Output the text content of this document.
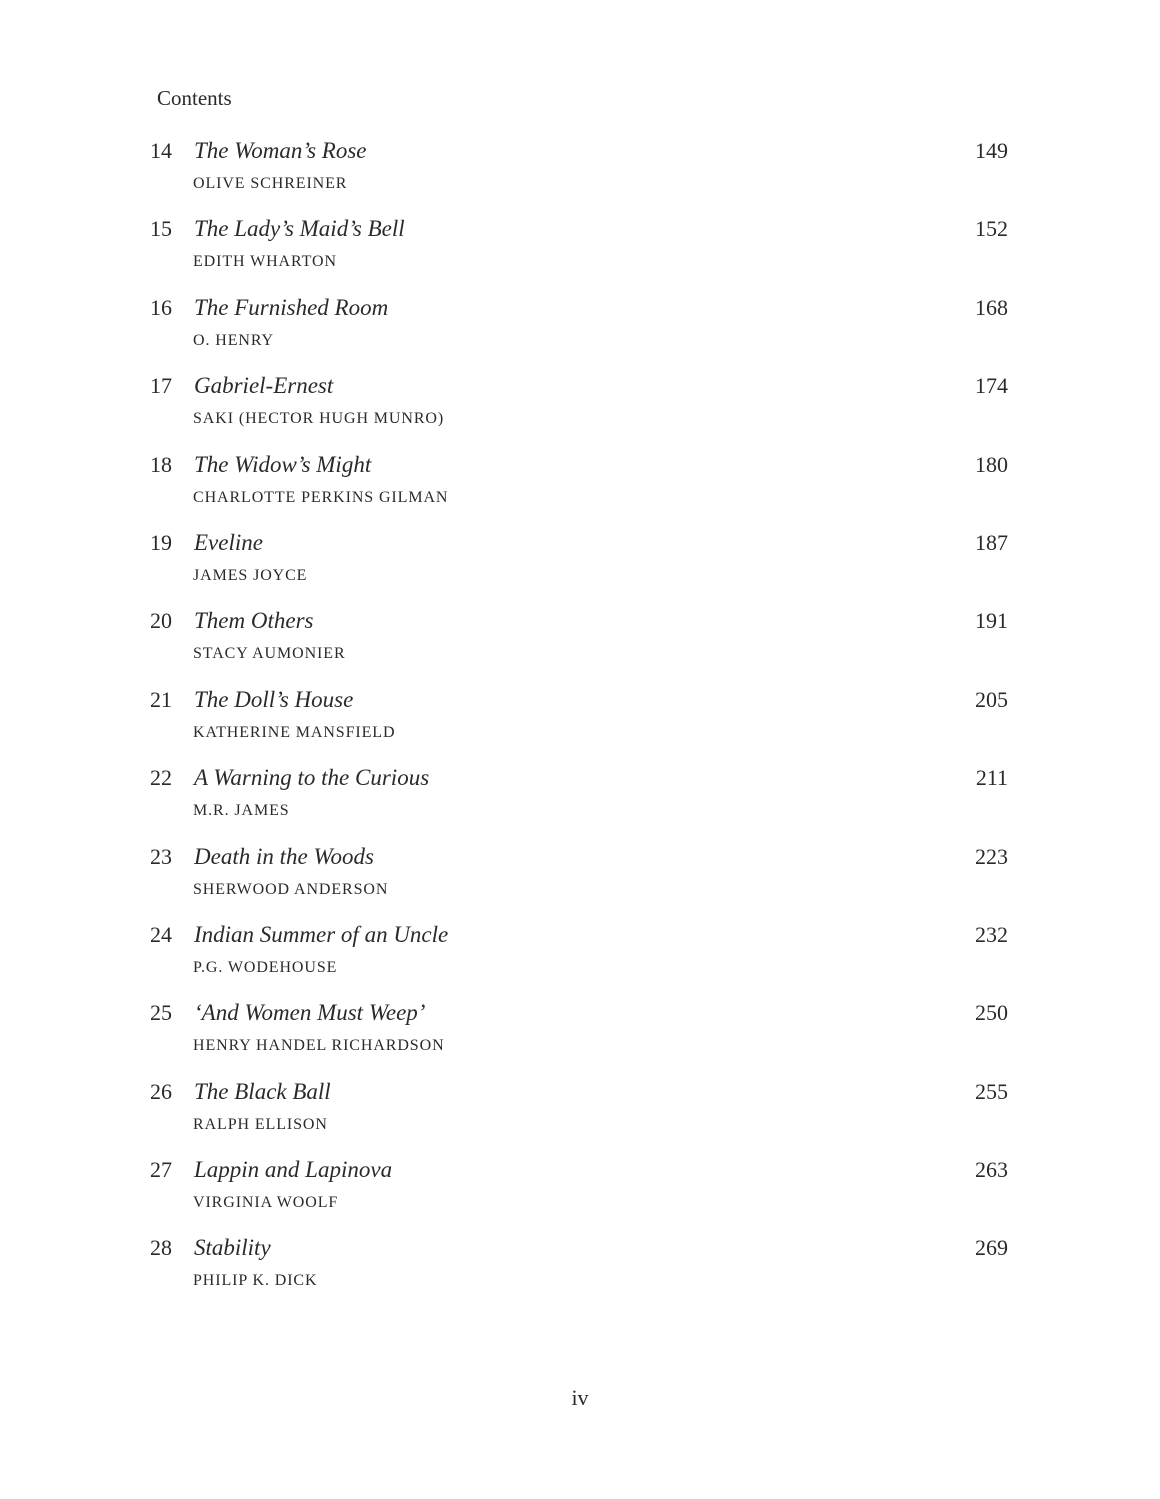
Contents
14 The Woman’s Rose
OLIVE SCHREINER
149
15 The Lady’s Maid’s Bell
EDITH WHARTON
152
16 The Furnished Room
O. HENRY
168
17 Gabriel-Ernest
SAKI (HECTOR HUGH MUNRO)
174
18 The Widow’s Might
CHARLOTTE PERKINS GILMAN
180
19 Eveline
JAMES JOYCE
187
20 Them Others
STACY AUMONIER
191
21 The Doll’s House
KATHERINE MANSFIELD
205
22 A Warning to the Curious
M.R. JAMES
211
23 Death in the Woods
SHERWOOD ANDERSON
223
24 Indian Summer of an Uncle
P.G. WODEHOUSE
232
25 ‘And Women Must Weep’
HENRY HANDEL RICHARDSON
250
26 The Black Ball
RALPH ELLISON
255
27 Lappin and Lapinova
VIRGINIA WOOLF
263
28 Stability
PHILIP K. DICK
269
iv
